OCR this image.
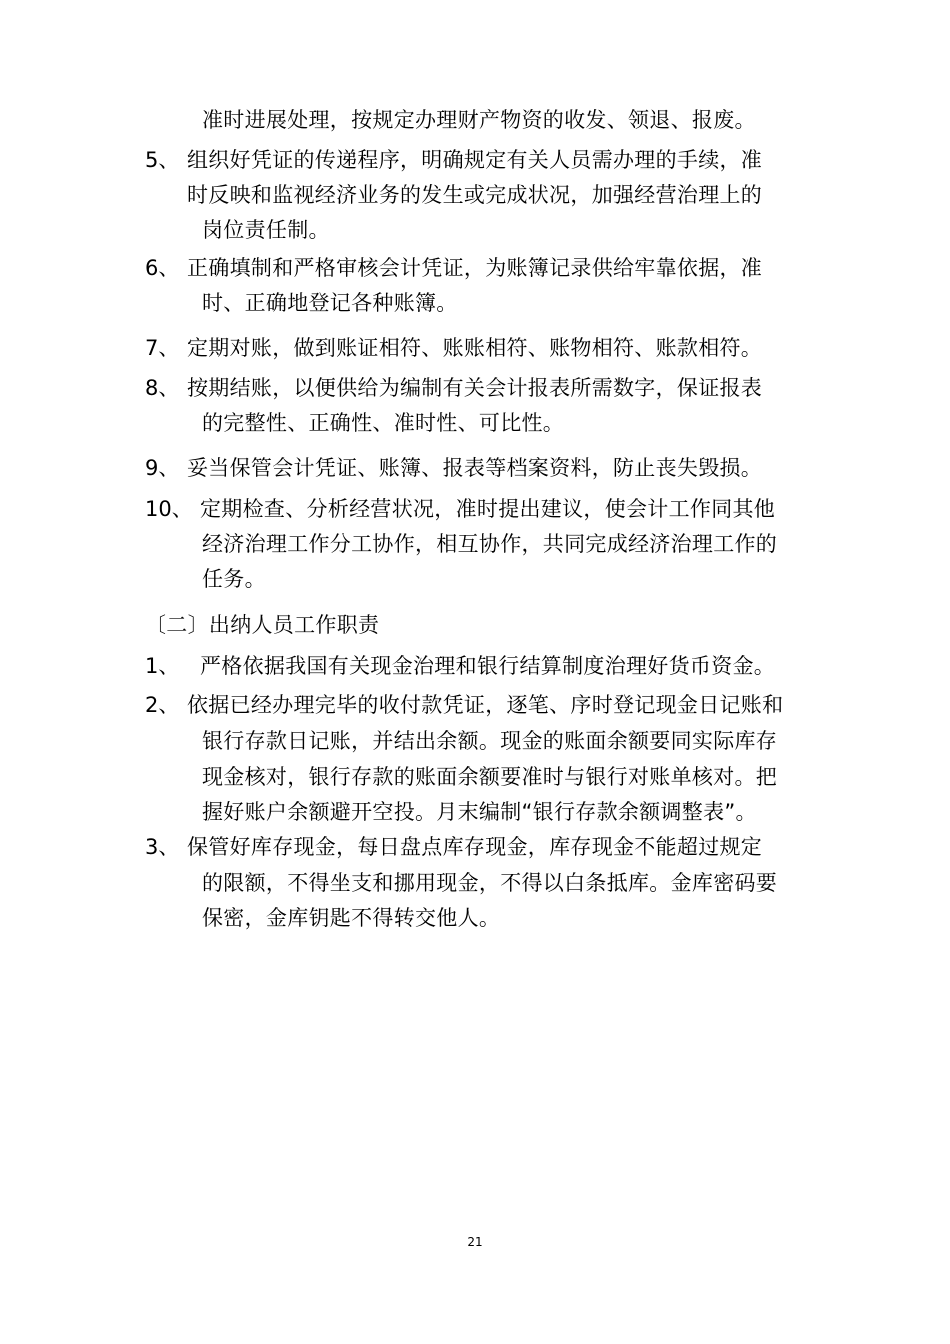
准时进展处理，按规定办理财产物资的收发、领退、报废。
5、 组织好凭证的传递程序，明确规定有关人员需办理的手续，准
时反映和监视经济业务的发生或完成状况，加强经营治理上的
岗位责任制。
6、 正确填制和严格审核会计凭证，为账簿记录供给牢靠依据，准
时、正确地登记各种账簿。
7、 定期对账，做到账证相符、账账相符、账物相符、账款相符。
8、 按期结账，以便供给为编制有关会计报表所需数字，保证报表
的完整性、正确性、准时性、可比性。
9、 妥当保管会计凭证、账簿、报表等档案资料，防止丧失毁损。
10、 定期检查、分析经营状况，准时提出建议，使会计工作同其他
经济治理工作分工协作，相互协作，共同完成经济治理工作的
任务。
〔二〕出纳人员工作职责
1、 严格依据我国有关现金治理和银行结算制度治理好货币资金。
2、 依据已经办理完毕的收付款凭证，逐笔、序时登记现金日记账和
银行存款日记账，并结出余额。现金的账面余额要同实际库存
现金核对，银行存款的账面余额要准时与银行对账单核对。把
握好账户余额避开空投。月末编制“银行存款余额调整表”。
3、 保管好库存现金，每日盘点库存现金，库存现金不能超过规定
的限额，不得坐支和挪用现金，不得以白条抵库。金库密码要
保密，金库钥匙不得转交他人。
21
